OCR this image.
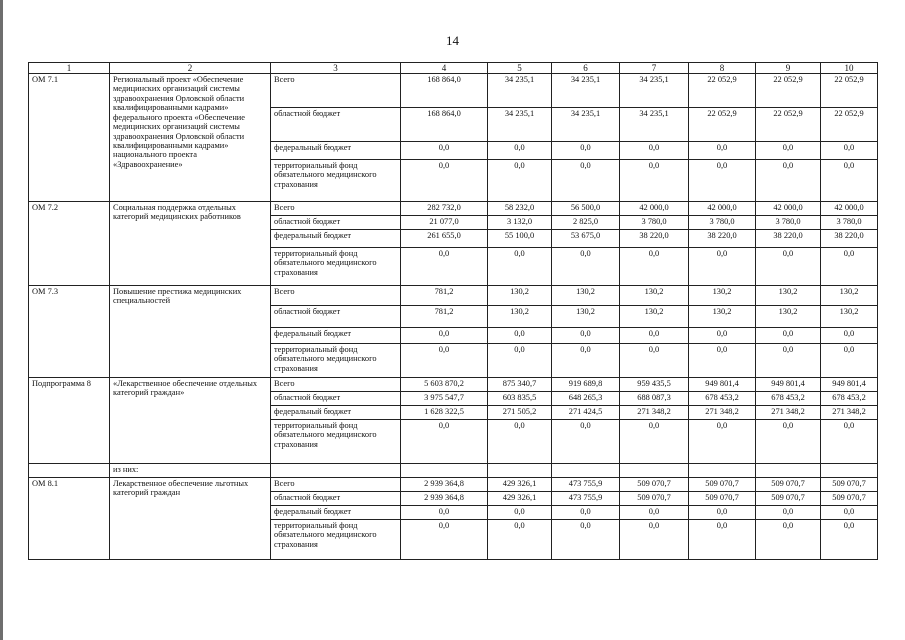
14
1	2	3	4	5	6	7	8	9	10
ОМ 7.1	Региональный проект «Обеспечение медицинских организаций системы здравоохранения Орловской области квалифицированными кадрами» федерального проекта «Обеспечение медицинских организаций системы здравоохранения Орловской области квалифицированными кадрами» национального проекта «Здравоохранение»	Всего	168 864,0	34 235,1	34 235,1	34 235,1	22 052,9	22 052,9	22 052,9
		областной бюджет	168 864,0	34 235,1	34 235,1	34 235,1	22 052,9	22 052,9	22 052,9
		федеральный бюджет	0,0	0,0	0,0	0,0	0,0	0,0	0,0
		территориальный фонд обязательного медицинского страхования	0,0	0,0	0,0	0,0	0,0	0,0	0,0
ОМ 7.2	Социальная поддержка отдельных категорий медицинских работников	Всего	282 732,0	58 232,0	56 500,0	42 000,0	42 000,0	42 000,0	42 000,0
		областной бюджет	21 077,0	3 132,0	2 825,0	3 780,0	3 780,0	3 780,0	3 780,0
		федеральный бюджет	261 655,0	55 100,0	53 675,0	38 220,0	38 220,0	38 220,0	38 220,0
		территориальный фонд обязательного медицинского страхования	0,0	0,0	0,0	0,0	0,0	0,0	0,0
ОМ 7.3	Повышение престижа медицинских специальностей	Всего	781,2	130,2	130,2	130,2	130,2	130,2	130,2
		областной бюджет	781,2	130,2	130,2	130,2	130,2	130,2	130,2
		федеральный бюджет	0,0	0,0	0,0	0,0	0,0	0,0	0,0
		территориальный фонд обязательного медицинского страхования	0,0	0,0	0,0	0,0	0,0	0,0	0,0
Подпрограмма 8	«Лекарственное обеспечение отдельных категорий граждан»	Всего	5 603 870,2	875 340,7	919 689,8	959 435,5	949 801,4	949 801,4	949 801,4
		областной бюджет	3 975 547,7	603 835,5	648 265,3	688 087,3	678 453,2	678 453,2	678 453,2
		федеральный бюджет	1 628 322,5	271 505,2	271 424,5	271 348,2	271 348,2	271 348,2	271 348,2
		территориальный фонд обязательного медицинского страхования	0,0	0,0	0,0	0,0	0,0	0,0	0,0
	из них:								
ОМ 8.1	Лекарственное обеспечение льготных категорий граждан	Всего	2 939 364,8	429 326,1	473 755,9	509 070,7	509 070,7	509 070,7	509 070,7
		областной бюджет	2 939 364,8	429 326,1	473 755,9	509 070,7	509 070,7	509 070,7	509 070,7
		федеральный бюджет	0,0	0,0	0,0	0,0	0,0	0,0	0,0
		территориальный фонд обязательного медицинского страхования	0,0	0,0	0,0	0,0	0,0	0,0	0,0
